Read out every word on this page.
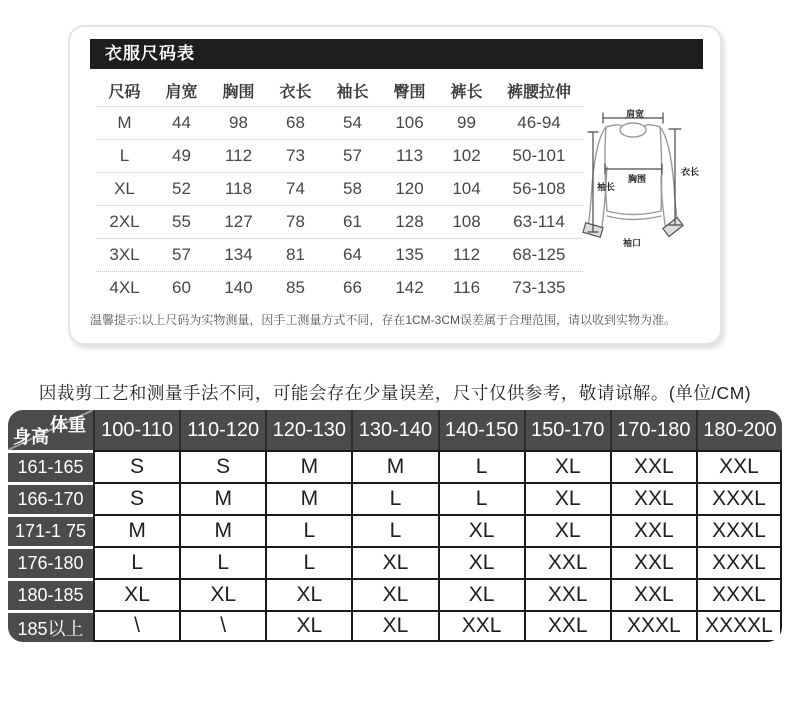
衣服尺码表
尺码	肩宽	胸围	衣长	袖长	臀围	裤长	裤腰拉伸
M	44	98	68	54	106	99	46-94
L	49	112	73	57	113	102	50-101
XL	52	118	74	58	120	104	56-108
2XL	55	127	78	61	128	108	63-114
3XL	57	134	81	64	135	112	68-125
4XL	60	140	85	66	142	116	73-135

温馨提示:以上尺码为实物测量，因手工测量方式不同，存在1CM-3CM误差属于合理范围，请以收到实物为准。

肩宽
衣长
胸围
袖长
袖口

因裁剪工艺和测量手法不同，可能会存在少量误差，尺寸仅供参考，敬请谅解。(单位/CM)

体重
身高	100-110 110-120 120-130 130-140 140-150 150-170 170-180 180-200
161-165	S	S	M	M	L	XL	XXL	XXL
166-170	S	M	M	L	L	XL	XXL	XXXL
171-1 75	M	M	L	L	XL	XL	XXL	XXXL
176-180	L	L	L	XL	XL	XXL	XXL	XXXL
180-185	XL	XL	XL	XL	XL	XXL	XXL	XXXL
185以上	\	\	XL	XL	XXL	XXL	XXXL	XXXXL
